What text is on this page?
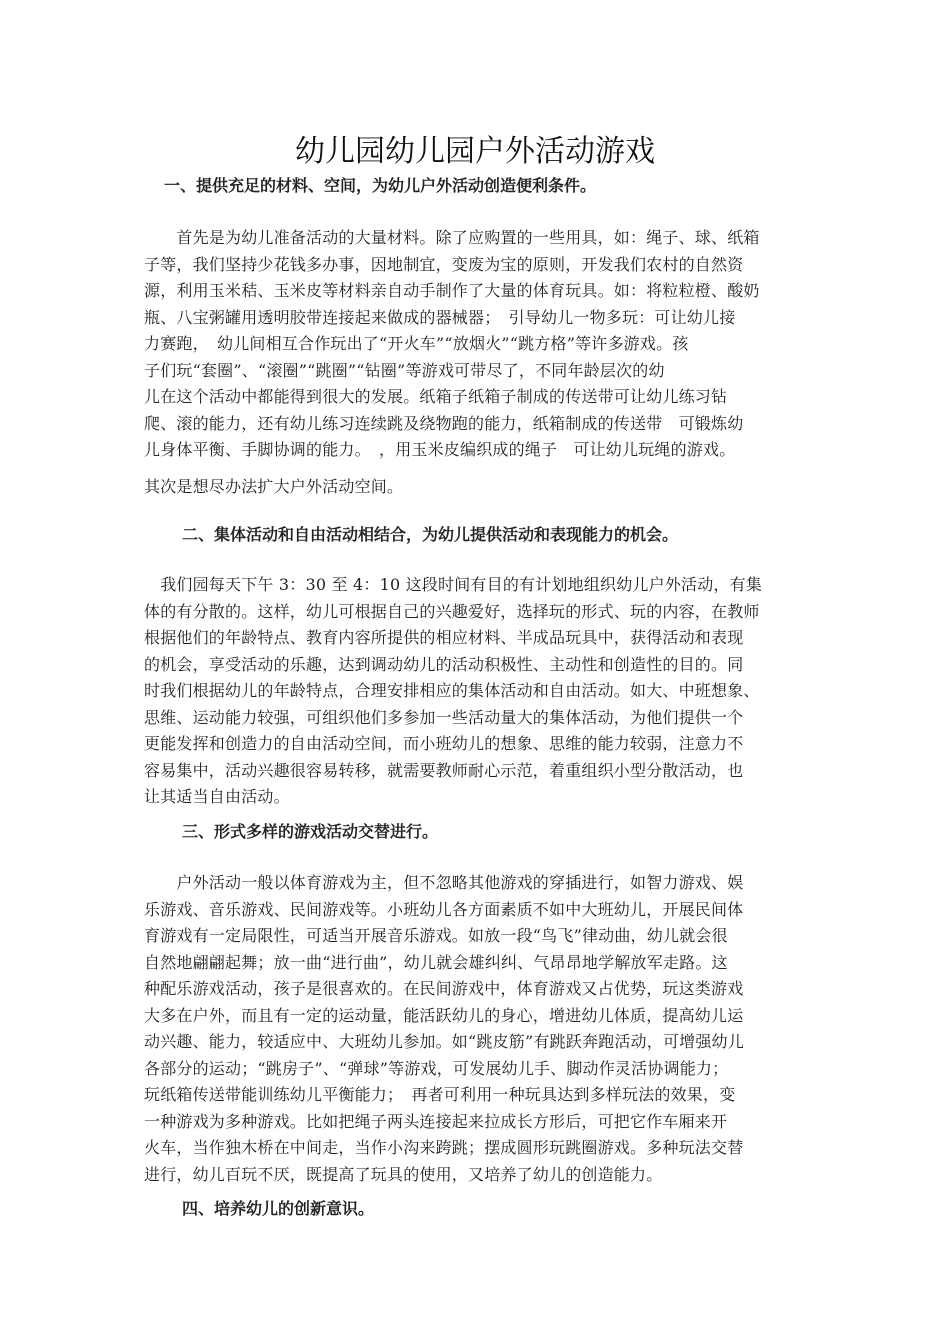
幼儿园幼儿园户外活动游戏
一、提供充足的材料、空间，为幼儿户外活动创造便利条件。
　　首先是为幼儿准备活动的大量材料。除了应购置的一些用具，如：绳子、球、纸箱
子等，我们坚持少花钱多办事，因地制宜，变废为宝的原则，开发我们农村的自然资
源，利用玉米秸、玉米皮等材料亲自动手制作了大量的体育玩具。如：将粒粒橙、酸奶
瓶、八宝粥罐用透明胶带连接起来做成的器械器；　引导幼儿一物多玩：可让幼儿接
力赛跑，　幼儿间相互合作玩出了“开火车”“放烟火”“跳方格”等许多游戏。孩
子们玩“套圈”、“滚圈”“跳圈”“钻圈”等游戏可带尽了，不同年龄层次的幼
儿在这个活动中都能得到很大的发展。纸箱子纸箱子制成的传送带可让幼儿练习钻
爬、滚的能力，还有幼儿练习连续跳及绕物跑的能力，纸箱制成的传送带　可锻炼幼
儿身体平衡、手脚协调的能力。　，用玉米皮编织成的绳子　可让幼儿玩绳的游戏。
其次是想尽办法扩大户外活动空间。
二、集体活动和自由活动相结合，为幼儿提供活动和表现能力的机会。
　我们园每天下午 3：30 至 4：10 这段时间有目的有计划地组织幼儿户外活动，有集
体的有分散的。这样，幼儿可根据自己的兴趣爱好，选择玩的形式、玩的内容，在教师
根据他们的年龄特点、教育内容所提供的相应材料、半成品玩具中，获得活动和表现
的机会，享受活动的乐趣，达到调动幼儿的活动积极性、主动性和创造性的目的。同
时我们根据幼儿的年龄特点，合理安排相应的集体活动和自由活动。如大、中班想象、
思维、运动能力较强，可组织他们多参加一些活动量大的集体活动，为他们提供一个
更能发挥和创造力的自由活动空间，而小班幼儿的想象、思维的能力较弱，注意力不
容易集中，活动兴趣很容易转移，就需要教师耐心示范，着重组织小型分散活动，也
让其适当自由活动。
三、形式多样的游戏活动交替进行。
　　户外活动一般以体育游戏为主，但不忽略其他游戏的穿插进行，如智力游戏、娱
乐游戏、音乐游戏、民间游戏等。小班幼儿各方面素质不如中大班幼儿，开展民间体
育游戏有一定局限性，可适当开展音乐游戏。如放一段“鸟飞”律动曲，幼儿就会很
自然地翩翩起舞；放一曲“进行曲”，幼儿就会雄纠纠、气昂昂地学解放军走路。这
种配乐游戏活动，孩子是很喜欢的。在民间游戏中，体育游戏又占优势，玩这类游戏
大多在户外，而且有一定的运动量，能活跃幼儿的身心，增进幼儿体质，提高幼儿运
动兴趣、能力，较适应中、大班幼儿参加。如“跳皮筋”有跳跃奔跑活动，可增强幼儿
各部分的运动；“跳房子”、“弹球”等游戏，可发展幼儿手、脚动作灵活协调能力；
玩纸箱传送带能训练幼儿平衡能力；　再者可利用一种玩具达到多样玩法的效果，变
一种游戏为多种游戏。比如把绳子两头连接起来拉成长方形后，可把它作车厢来开
火车，当作独木桥在中间走，当作小沟来跨跳；摆成圆形玩跳圈游戏。多种玩法交替
进行，幼儿百玩不厌，既提高了玩具的使用，又培养了幼儿的创造能力。
四、培养幼儿的创新意识。
